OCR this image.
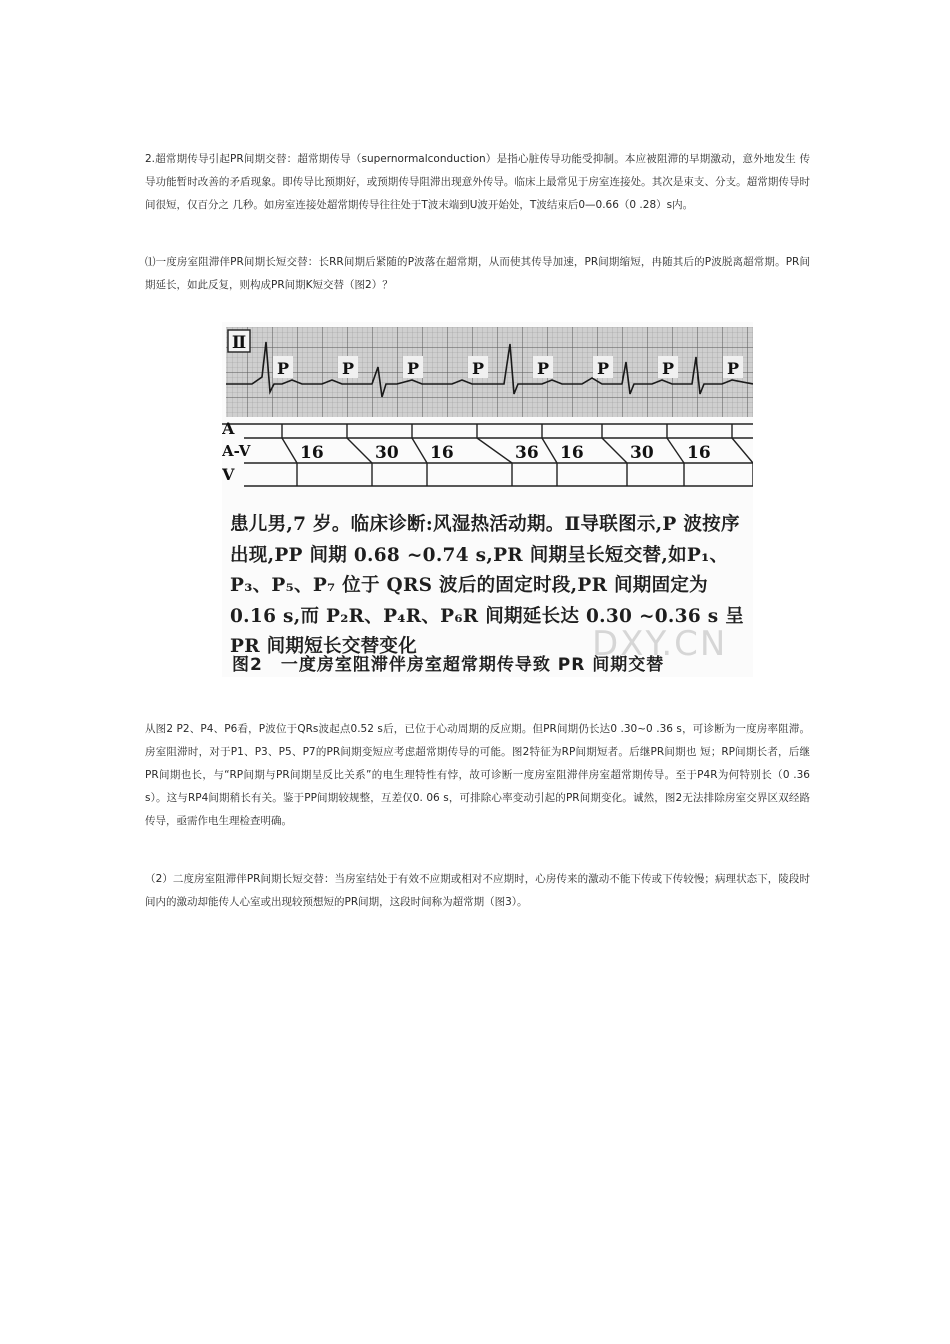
2.超常期传导引起PR间期交替：超常期传导（supernormalconduction）是指心脏传导功能受抑制。本应被阻滞的早期激动，意外地发生 传导功能暂时改善的矛盾现象。即传导比预期好，或预期传导阻滞出现意外传导。临床上最常见于房室连接处。其次是束支、分支。超常期传导时间很短，仅百分之 几秒。如房室连接处超常期传导往往处于T波末端到U波开始处，T波结束后0—0.66（0 .28）s内。

⑴一度房室阻滞伴PR间期长短交替：长RR间期后紧随的P波落在超常期，从而使其传导加速，PR间期缩短，冉随其后的P波脱离超常期。PR间期延长，如此反复，则构成PR间期K短交替（图2）？

Ⅱ
P	P	P	P	P	P	P	P
16	30 16	36 16	30 16
A
A-V
V
患儿男,7 岁。临床诊断:风湿热活动期。Ⅱ导联图示,P 波按序出现,PP 间期 0.68 ~0.74 s,PR 间期呈长短交替,如P₁、P₃、P₅、P₇ 位于 QRS 波后的固定时段,PR 间期固定为 0.16 s,而 P₂R、P₄R、P₆R 间期延长达 0.30 ~0.36 s 呈 PR 间期短长交替变化	DXY.CN
图2　一度房室阻滞伴房室超常期传导致 PR 间期交替

从图2 P2、P4、P6看，P波位于QRs波起点0.52 s后，已位于心动周期的反应期。但PR间期仍长达0 .30~0 .36 s，可诊断为一度房率阻滞。房室阻滞时，对于P1、P3、P5、P7的PR间期变短应考虑超常期传导的可能。图2特征为RP间期短者。后继PR间期也 短；RP间期长者，后继PR间期也长，与“RP间期与PR间期呈反比关系”的电生理特性有悖，故可诊断一度房室阻滞伴房室超常期传导。至于P4R为何特别长（0 .36 s）。这与RP4间期稍长有关。鉴于PP间期较规整，互差仅0. 06 s，可排除心率变动引起的PR间期变化。诚然，图2无法排除房室交界区双经路传导，亟需作电生理检查明确。

（2）二度房室阻滞伴PR间期长短交替：当房室结处于有效不应期或相对不应期时，心房传来的激动不能下传或下传较慢；病理状态下，陵段时间内的激动却能传人心室或出现较预想短的PR间期，这段时间称为超常期（图3）。
